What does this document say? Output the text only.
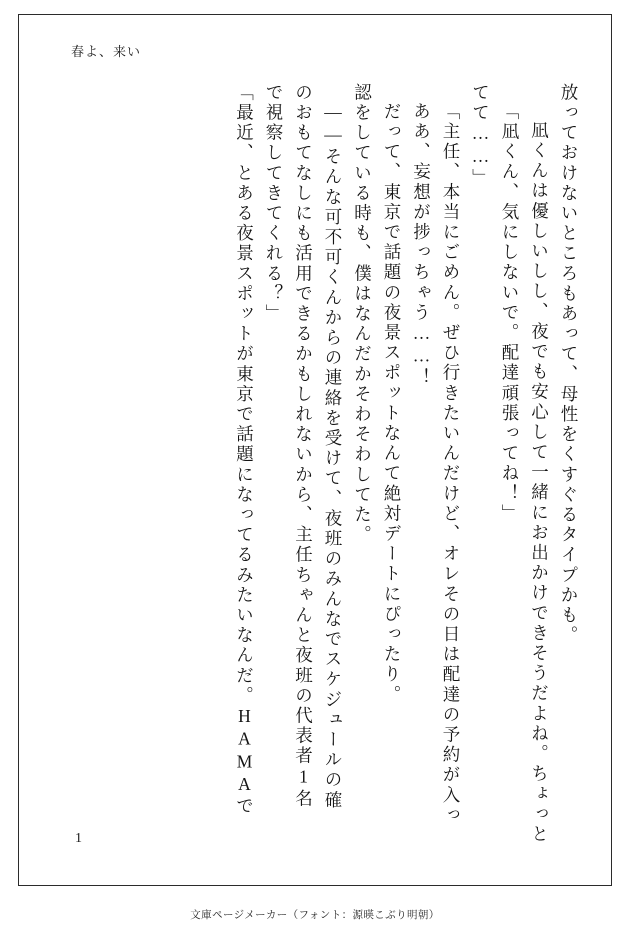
春よ、来い
「最近、とある夜景スポットが東京で話題になってるみたいなんだ。HAMAで で視察してきてくれる？」 のおもてなしにも活用できるかもしれないから、主任ちゃんと夜班の代表者1名 ――そんな可不可くんからの連絡を受けて、夜班のみんなでスケジュールの確 認をしている時も、僕はなんだかそわそわしてた。 だって、東京で話題の夜景スポットなんて絶対デートにぴったり。 ああ、妄想が捗っちゃう……！ 「主任、本当にごめん。ぜひ行きたいんだけど、オレその日は配達の予約が入っ てて……」 「凪くん、気にしないで。配達頑張ってね！」 凪くんは優しいしし、夜でも安心して一緒にお出かけできそうだよね。ちょっと 放っておけないところもあって、母性をくすぐるタイプかも。
1
文庫ページメーカー（フォント：源暎こぶり明朝）
